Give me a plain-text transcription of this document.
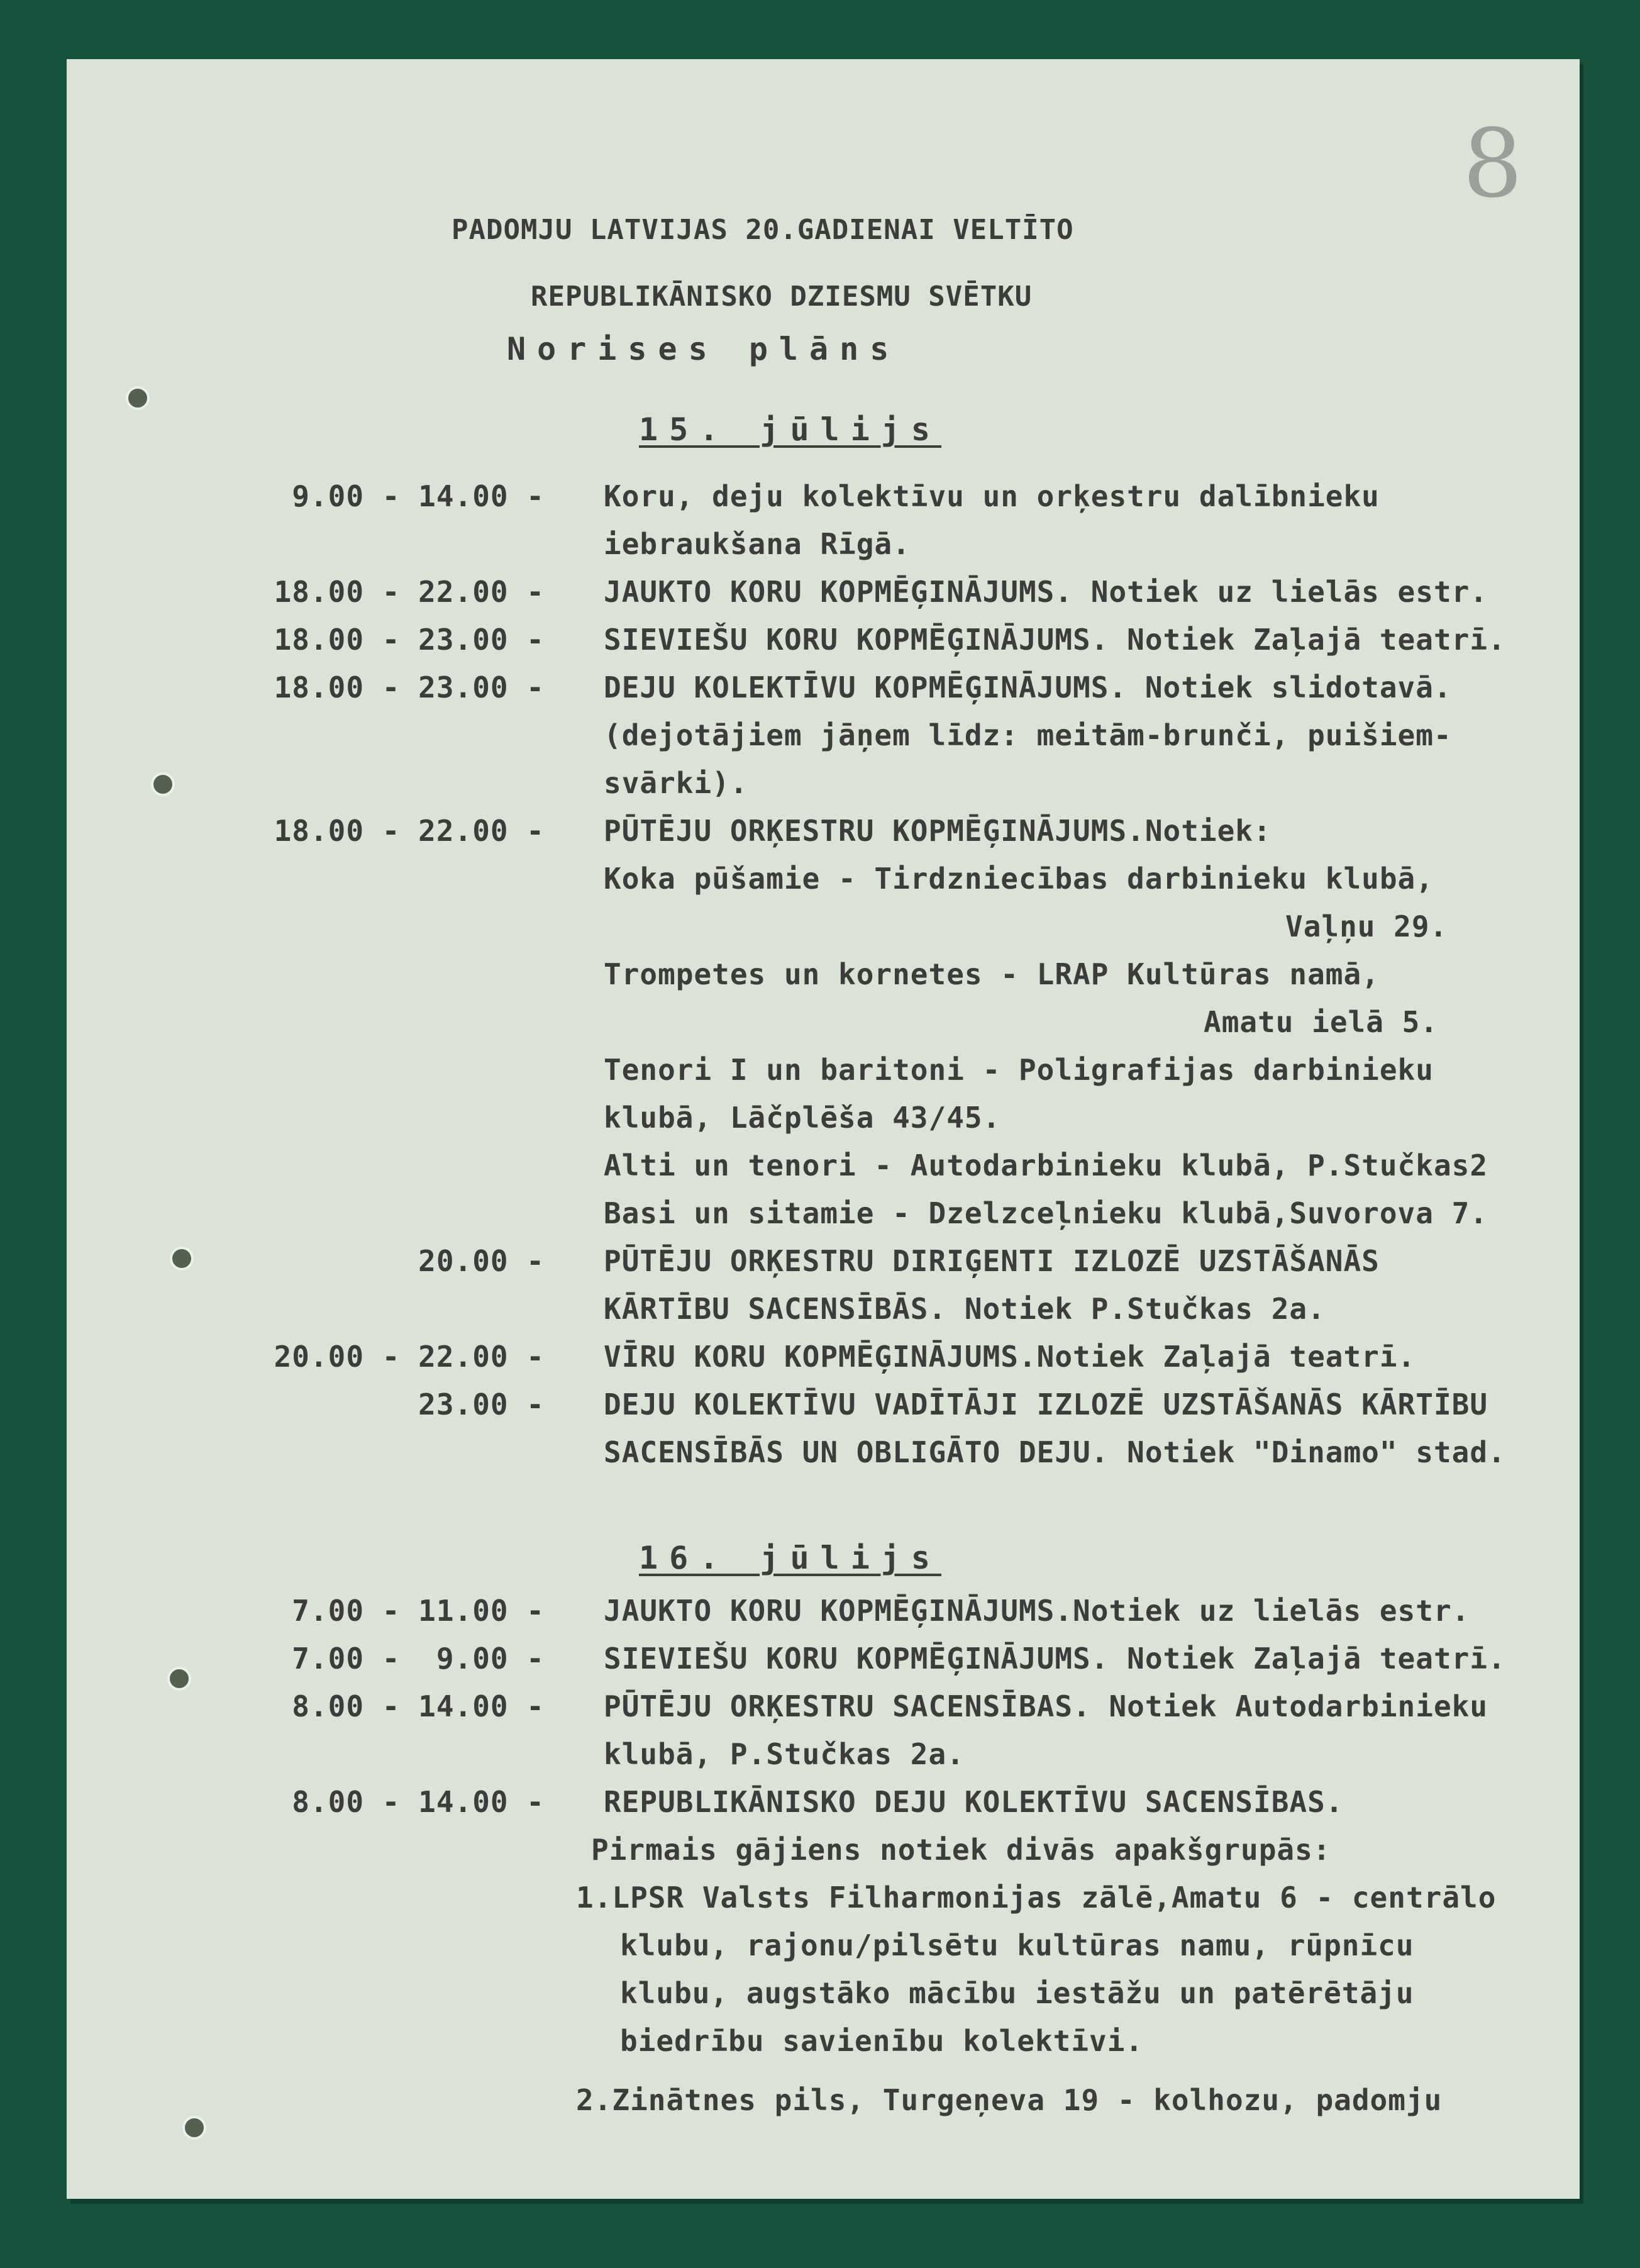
8
PADOMJU LATVIJAS 20.GADIENAI VELTĪTO
REPUBLIKĀNISKO DZIESMU SVĒTKU
Norises plāns
15. jūlijs
9.00 - 14.00 - Koru, deju kolektīvu un orķestru dalībnieku
iebraukšana Rīgā.
18.00 - 22.00 - JAUKTO KORU KOPMĒĢINĀJUMS. Notiek uz lielās estr.
18.00 - 23.00 - SIEVIEŠU KORU KOPMĒĢINĀJUMS. Notiek Zaļajā teatrī.
18.00 - 23.00 - DEJU KOLEKTĪVU KOPMĒĢINĀJUMS. Notiek slidotavā.
(dejotājiem jāņem līdz: meitām-brunči, puišiem-
svārki).
18.00 - 22.00 - PŪTĒJU ORĶESTRU KOPMĒĢINĀJUMS.Notiek:
Koka pūšamie - Tirdzniecības darbinieku klubā,
Vaļņu 29.
Trompetes un kornetes - LRAP Kultūras namā,
Amatu ielā 5.
Tenori I un baritoni - Poligrafijas darbinieku
klubā, Lāčplēša 43/45.
Alti un tenori - Autodarbinieku klubā, P.Stučkas2
Basi un sitamie - Dzelzceļnieku klubā,Suvorova 7.
20.00 - PŪTĒJU ORĶESTRU DIRIĢENTI IZLOZĒ UZSTĀŠANĀS
KĀRTĪBU SACENSĪBĀS. Notiek P.Stučkas 2a.
20.00 - 22.00 - VĪRU KORU KOPMĒĢINĀJUMS.Notiek Zaļajā teatrī.
23.00 - DEJU KOLEKTĪVU VADĪTĀJI IZLOZĒ UZSTĀŠANĀS KĀRTĪBU
SACENSĪBĀS UN OBLIGĀTO DEJU. Notiek "Dinamo" stad.
16. jūlijs
7.00 - 11.00 - JAUKTO KORU KOPMĒĢINĀJUMS.Notiek uz lielās estr.
7.00 -  9.00 - SIEVIEŠU KORU KOPMĒĢINĀJUMS. Notiek Zaļajā teatrī.
8.00 - 14.00 - PŪTĒJU ORĶESTRU SACENSĪBAS. Notiek Autodarbinieku
klubā, P.Stučkas 2a.
8.00 - 14.00 - REPUBLIKĀNISKO DEJU KOLEKTĪVU SACENSĪBAS.
Pirmais gājiens notiek divās apakšgrupās:
1.LPSR Valsts Filharmonijas zālē,Amatu 6 - centrālo
klubu, rajonu/pilsētu kultūras namu, rūpnīcu
klubu, augstāko mācību iestāžu un patērētāju
biedrību savienību kolektīvi.
2.Zinātnes pils, Turgeņeva 19 - kolhozu, padomju
